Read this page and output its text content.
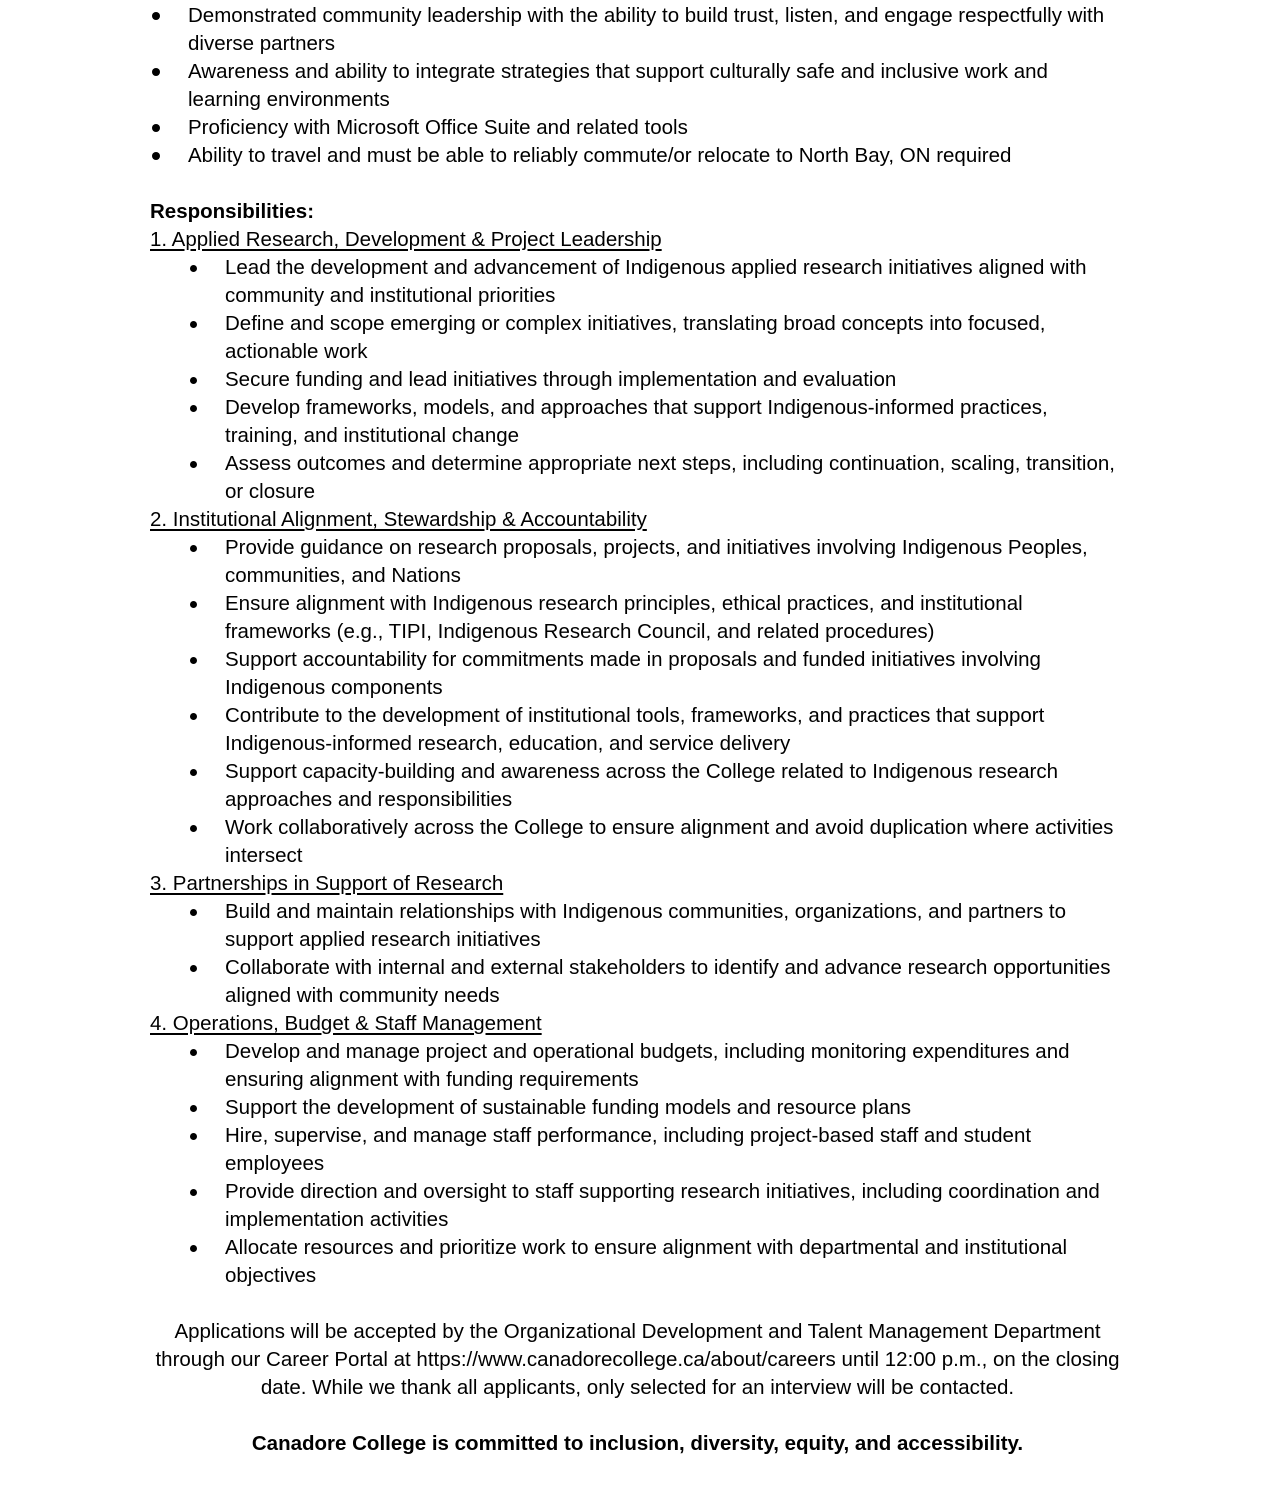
Demonstrated community leadership with the ability to build trust, listen, and engage respectfully with diverse partners
Awareness and ability to integrate strategies that support culturally safe and inclusive work and learning environments
Proficiency with Microsoft Office Suite and related tools
Ability to travel and must be able to reliably commute/or relocate to North Bay, ON required
Responsibilities:
1. Applied Research, Development & Project Leadership
Lead the development and advancement of Indigenous applied research initiatives aligned with community and institutional priorities
Define and scope emerging or complex initiatives, translating broad concepts into focused, actionable work
Secure funding and lead initiatives through implementation and evaluation
Develop frameworks, models, and approaches that support Indigenous-informed practices, training, and institutional change
Assess outcomes and determine appropriate next steps, including continuation, scaling, transition, or closure
2. Institutional Alignment, Stewardship & Accountability
Provide guidance on research proposals, projects, and initiatives involving Indigenous Peoples, communities, and Nations
Ensure alignment with Indigenous research principles, ethical practices, and institutional frameworks (e.g., TIPI, Indigenous Research Council, and related procedures)
Support accountability for commitments made in proposals and funded initiatives involving Indigenous components
Contribute to the development of institutional tools, frameworks, and practices that support Indigenous-informed research, education, and service delivery
Support capacity-building and awareness across the College related to Indigenous research approaches and responsibilities
Work collaboratively across the College to ensure alignment and avoid duplication where activities intersect
3. Partnerships in Support of Research
Build and maintain relationships with Indigenous communities, organizations, and partners to support applied research initiatives
Collaborate with internal and external stakeholders to identify and advance research opportunities aligned with community needs
4. Operations, Budget & Staff Management
Develop and manage project and operational budgets, including monitoring expenditures and ensuring alignment with funding requirements
Support the development of sustainable funding models and resource plans
Hire, supervise, and manage staff performance, including project-based staff and student employees
Provide direction and oversight to staff supporting research initiatives, including coordination and implementation activities
Allocate resources and prioritize work to ensure alignment with departmental and institutional objectives
Applications will be accepted by the Organizational Development and Talent Management Department through our Career Portal at https://www.canadorecollege.ca/about/careers until 12:00 p.m., on the closing date. While we thank all applicants, only selected for an interview will be contacted.
Canadore College is committed to inclusion, diversity, equity, and accessibility.
